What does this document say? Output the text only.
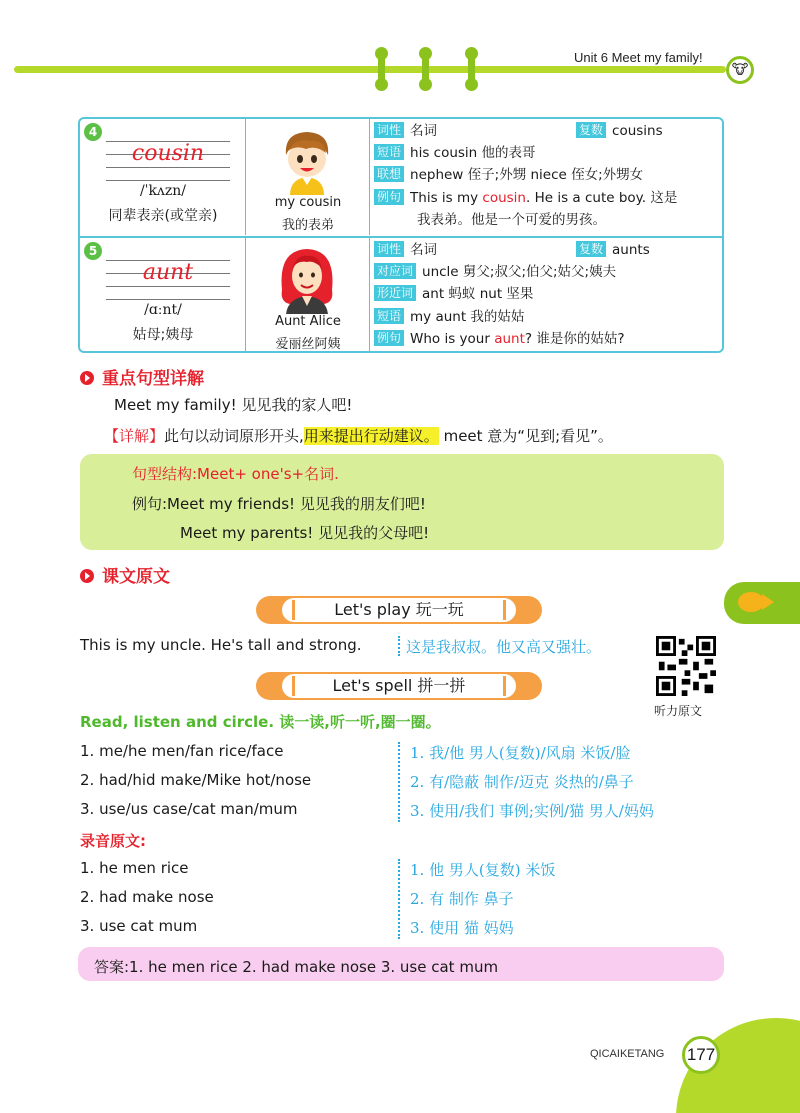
Unit 6 Meet my family!
🐮
4
cousin
/ˈkʌzn/
同辈表亲(或堂亲)
my cousin
我的表弟
词性 名词	复数 cousins
短语 his cousin 他的表哥
联想 nephew 侄子;外甥 niece 侄女;外甥女
例句 This is my cousin. He is a cute boy. 这是
我表弟。他是一个可爱的男孩。
5
aunt
/ɑːnt/
姑母;姨母
Aunt Alice
爱丽丝阿姨
词性 名词	复数 aunts
对应词 uncle 舅父;叔父;伯父;姑父;姨夫
形近词 ant 蚂蚁 nut 坚果
短语 my aunt 我的姑姑
例句 Who is your aunt? 谁是你的姑姑?
重点句型详解
Meet my family! 见见我的家人吧!
【详解】此句以动词原形开头,用来提出行动建议。 meet 意为“见到;看见”。
句型结构:Meet+ one's+名词.
例句:Meet my friends! 见见我的朋友们吧!
Meet my parents! 见见我的父母吧!
课文原文
Let's play 玩一玩
This is my uncle. He's tall and strong.	这是我叔叔。他又高又强壮。
听力原文
Let's spell 拼一拼
Read, listen and circle. 读一读,听一听,圈一圈。
1. me/he men/fan rice/face
2. had/hid make/Mike hot/nose
3. use/us case/cat man/mum
1. 我/他 男人(复数)/风扇 米饭/脸
2. 有/隐蔽 制作/迈克 炎热的/鼻子
3. 使用/我们 事例;实例/猫 男人/妈妈
录音原文:
1. he men rice
2. had make nose
3. use cat mum
1. 他 男人(复数) 米饭
2. 有 制作 鼻子
3. 使用 猫 妈妈
答案:1. he men rice 2. had make nose 3. use cat mum
QICAIKETANG 177
